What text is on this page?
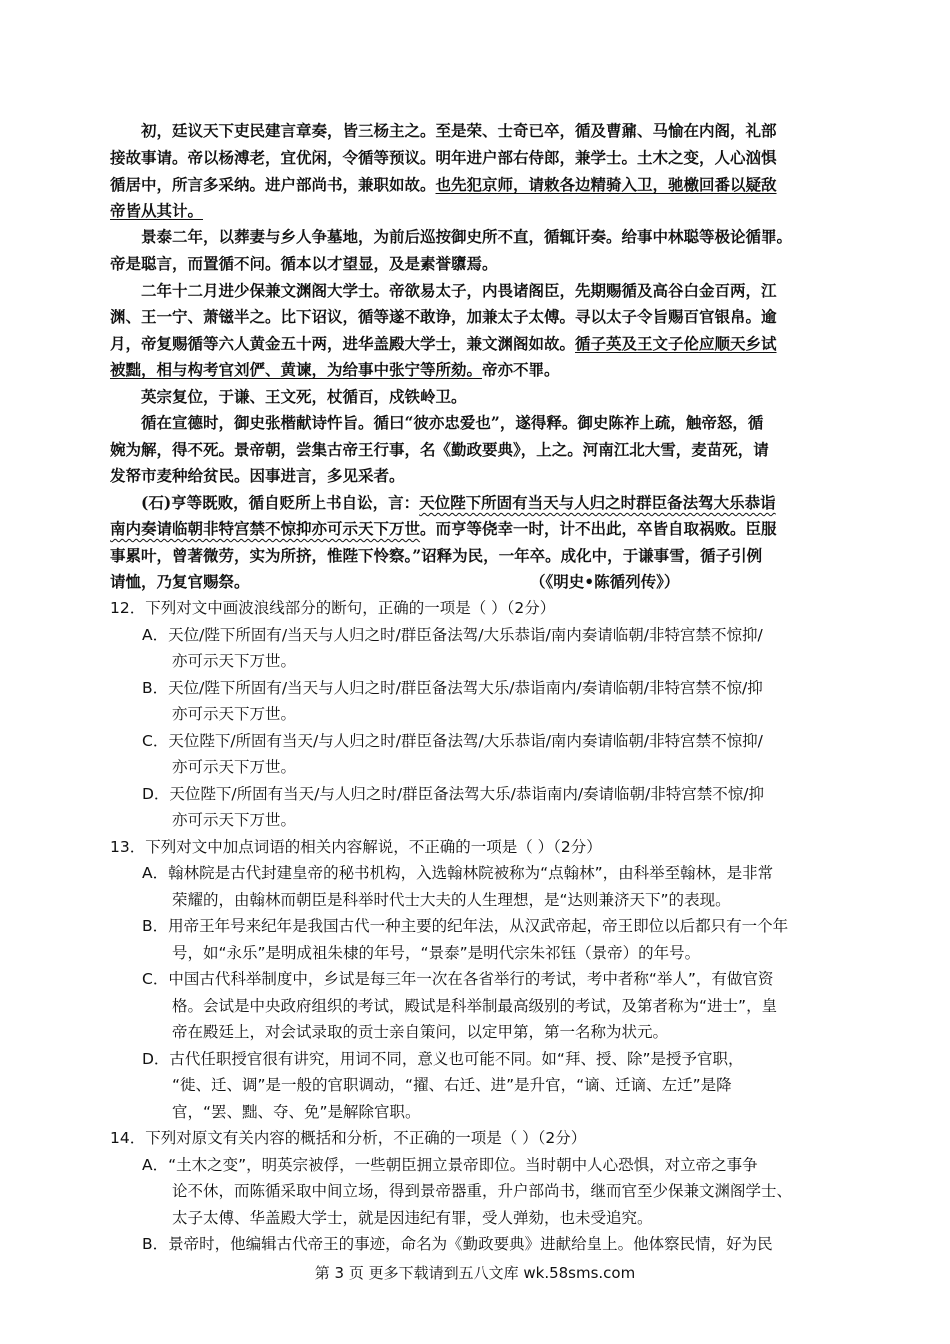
初，廷议天下吏民建言章奏，皆三杨主之。至是荣、士奇已卒，循及曹鼐、马愉在内阁，礼部
接故事请。帝以杨溥老，宜优闲，令循等预议。明年进户部右侍郎，兼学士。土木之变，人心汹惧
循居中，所言多采纳。进户部尚书，兼职如故。也先犯京师，请敕各边精骑入卫，驰檄回番以疑敌
帝皆从其计。
景泰二年，以葬妻与乡人争墓地，为前后巡按御史所不直，循辄讦奏。给事中林聪等极论循罪。
帝是聪言，而置循不问。循本以才望显，及是素誉隳焉。
二年十二月进少保兼文渊阁大学士。帝欲易太子，内畏诸阁臣，先期赐循及高谷白金百两，江
渊、王一宁、萧镃半之。比下诏议，循等遂不敢诤，加兼太子太傅。寻以太子令旨赐百官银帛。逾
月，帝复赐循等六人黄金五十两，进华盖殿大学士，兼文渊阁如故。循子英及王文子伦应顺天乡试
被黜，相与构考官刘俨、黄谏，为给事中张宁等所劾。帝亦不罪。
英宗复位，于谦、王文死，杖循百，戍铁岭卫。
循在宣德时，御史张楷献诗忤旨。循曰“彼亦忠爱也”，遂得释。御史陈祚上疏，触帝怒，循
婉为解，得不死。景帝朝，尝集古帝王行事，名《勤政要典》，上之。河南江北大雪，麦苗死，请
发帑市麦种给贫民。因事进言，多见采者。
(石)亨等既败，循自贬所上书自讼，言：天位陛下所固有当天与人归之时群臣备法驾大乐恭诣
南内奏请临朝非特宫禁不惊抑亦可示天下万世。而亨等侥幸一时，计不出此，卒皆自取祸败。臣服
事累叶，曾著微劳，实为所挤，惟陛下怜察。”诏释为民，一年卒。成化中，于谦事雪，循子引例
请恤，乃复官赐祭。	（《明史•陈循列传》）
12．下列对文中画波浪线部分的断句，正确的一项是（ ）（2分）
A．天位/陛下所固有/当天与人归之时/群臣备法驾/大乐恭诣/南内奏请临朝/非特宫禁不惊抑/
亦可示天下万世。
B．天位/陛下所固有/当天与人归之时/群臣备法驾大乐/恭诣南内/奏请临朝/非特宫禁不惊/抑
亦可示天下万世。
C．天位陛下/所固有当天/与人归之时/群臣备法驾/大乐恭诣/南内奏请临朝/非特宫禁不惊抑/
亦可示天下万世。
D．天位陛下/所固有当天/与人归之时/群臣备法驾大乐/恭诣南内/奏请临朝/非特宫禁不惊/抑
亦可示天下万世。
13．下列对文中加点词语的相关内容解说，不正确的一项是（ ）（2分）
A．翰林院是古代封建皇帝的秘书机构，入选翰林院被称为“点翰林”，由科举至翰林，是非常
荣耀的，由翰林而朝臣是科举时代士大夫的人生理想，是“达则兼济天下”的表现。
B．用帝王年号来纪年是我国古代一种主要的纪年法，从汉武帝起，帝王即位以后都只有一个年
号，如“永乐”是明成祖朱棣的年号，“景泰”是明代宗朱祁钰（景帝）的年号。
C．中国古代科举制度中，乡试是每三年一次在各省举行的考试，考中者称“举人”，有做官资
格。会试是中央政府组织的考试，殿试是科举制最高级别的考试，及第者称为“进士”，皇
帝在殿廷上，对会试录取的贡士亲自策问，以定甲第，第一名称为状元。
D．古代任职授官很有讲究，用词不同，意义也可能不同。如“拜、授、除”是授予官职，
“徙、迁、调”是一般的官职调动，“擢、右迁、进”是升官，“谪、迁谪、左迁”是降
官，“罢、黜、夺、免”是解除官职。
14．下列对原文有关内容的概括和分析，不正确的一项是（ ）（2分）
A．“土木之变”，明英宗被俘，一些朝臣拥立景帝即位。当时朝中人心恐惧，对立帝之事争
论不休，而陈循采取中间立场，得到景帝器重，升户部尚书，继而官至少保兼文渊阁学士、
太子太傅、华盖殿大学士，就是因违纪有罪，受人弹劾，也未受追究。
B．景帝时，他编辑古代帝王的事迹，命名为《勤政要典》进献给皇上。他体察民情，好为民
第 3 页 更多下载请到五八文库 wk.58sms.com
